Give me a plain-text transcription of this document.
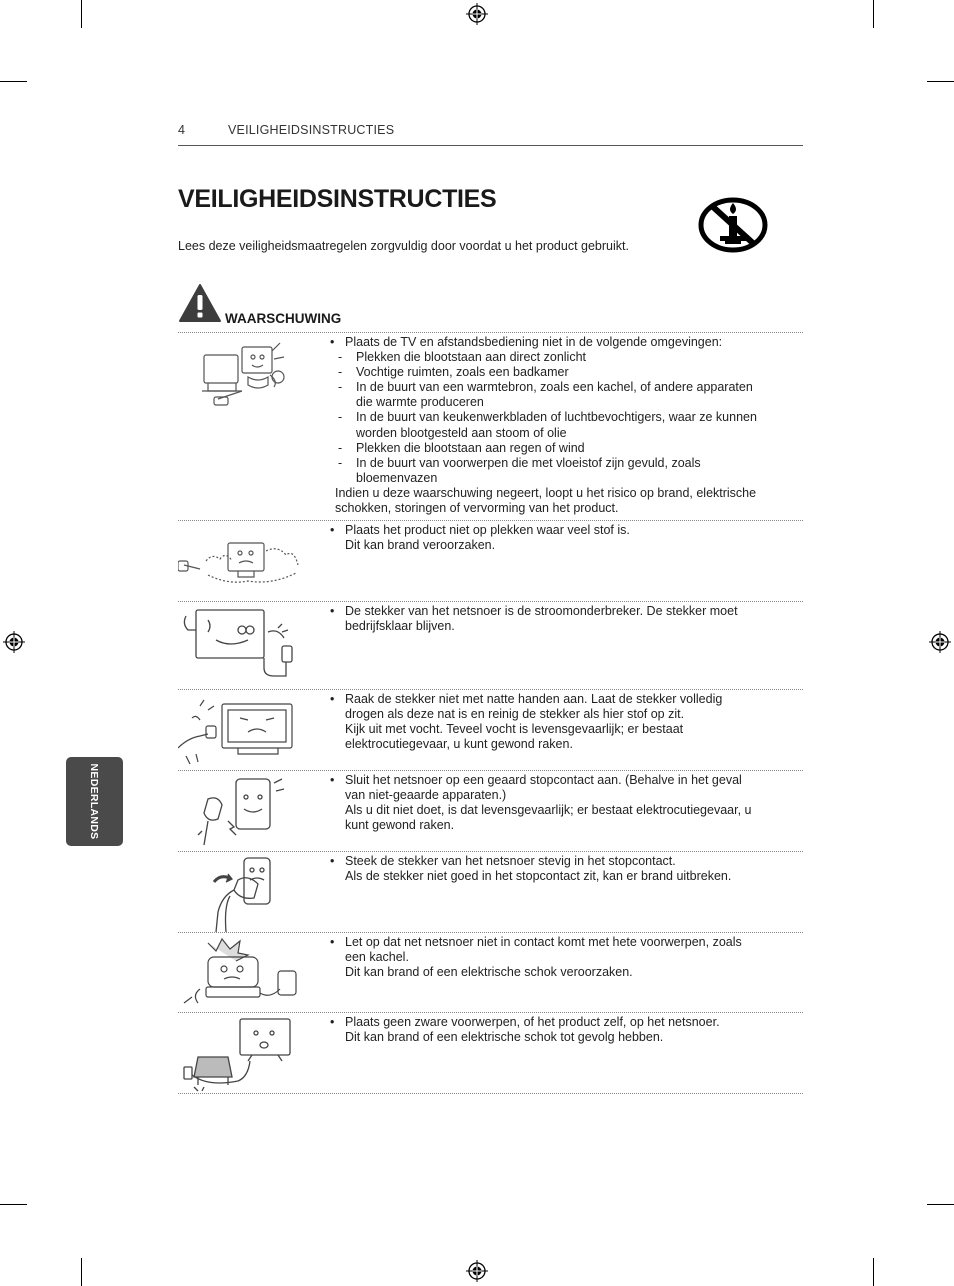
4	VEILIGHEIDSINSTRUCTIES
VEILIGHEIDSINSTRUCTIES

Lees deze veiligheidsmaatregelen zorgvuldig door voordat u het product gebruikt.

WAARSCHUWING
• Plaats de TV en afstandsbediening niet in de volgende omgevingen:
- Plekken die blootstaan aan direct zonlicht
- Vochtige ruimten, zoals een badkamer
- In de buurt van een warmtebron, zoals een kachel, of andere apparaten
die warmte produceren
- In de buurt van keukenwerkbladen of luchtbevochtigers, waar ze kunnen
worden blootgesteld aan stoom of olie
- Plekken die blootstaan aan regen of wind
- In de buurt van voorwerpen die met vloeistof zijn gevuld, zoals
bloemenvazen
Indien u deze waarschuwing negeert, loopt u het risico op brand, elektrische
schokken, storingen of vervorming van het product.
• Plaats het product niet op plekken waar veel stof is.
Dit kan brand veroorzaken.
• De stekker van het netsnoer is de stroomonderbreker. De stekker moet
bedrijfsklaar blijven.
• Raak de stekker niet met natte handen aan. Laat de stekker volledig
drogen als deze nat is en reinig de stekker als hier stof op zit.
Kijk uit met vocht. Teveel vocht is levensgevaarlijk; er bestaat
elektrocutiegevaar, u kunt gewond raken.
• Sluit het netsnoer op een geaard stopcontact aan. (Behalve in het geval
van niet-geaarde apparaten.)
Als u dit niet doet, is dat levensgevaarlijk; er bestaat elektrocutiegevaar, u
kunt gewond raken.
• Steek de stekker van het netsnoer stevig in het stopcontact.
Als de stekker niet goed in het stopcontact zit, kan er brand uitbreken.
• Let op dat net netsnoer niet in contact komt met hete voorwerpen, zoals
een kachel.
Dit kan brand of een elektrische schok veroorzaken.
• Plaats geen zware voorwerpen, of het product zelf, op het netsnoer.
Dit kan brand of een elektrische schok tot gevolg hebben.
NEDERLANDS
